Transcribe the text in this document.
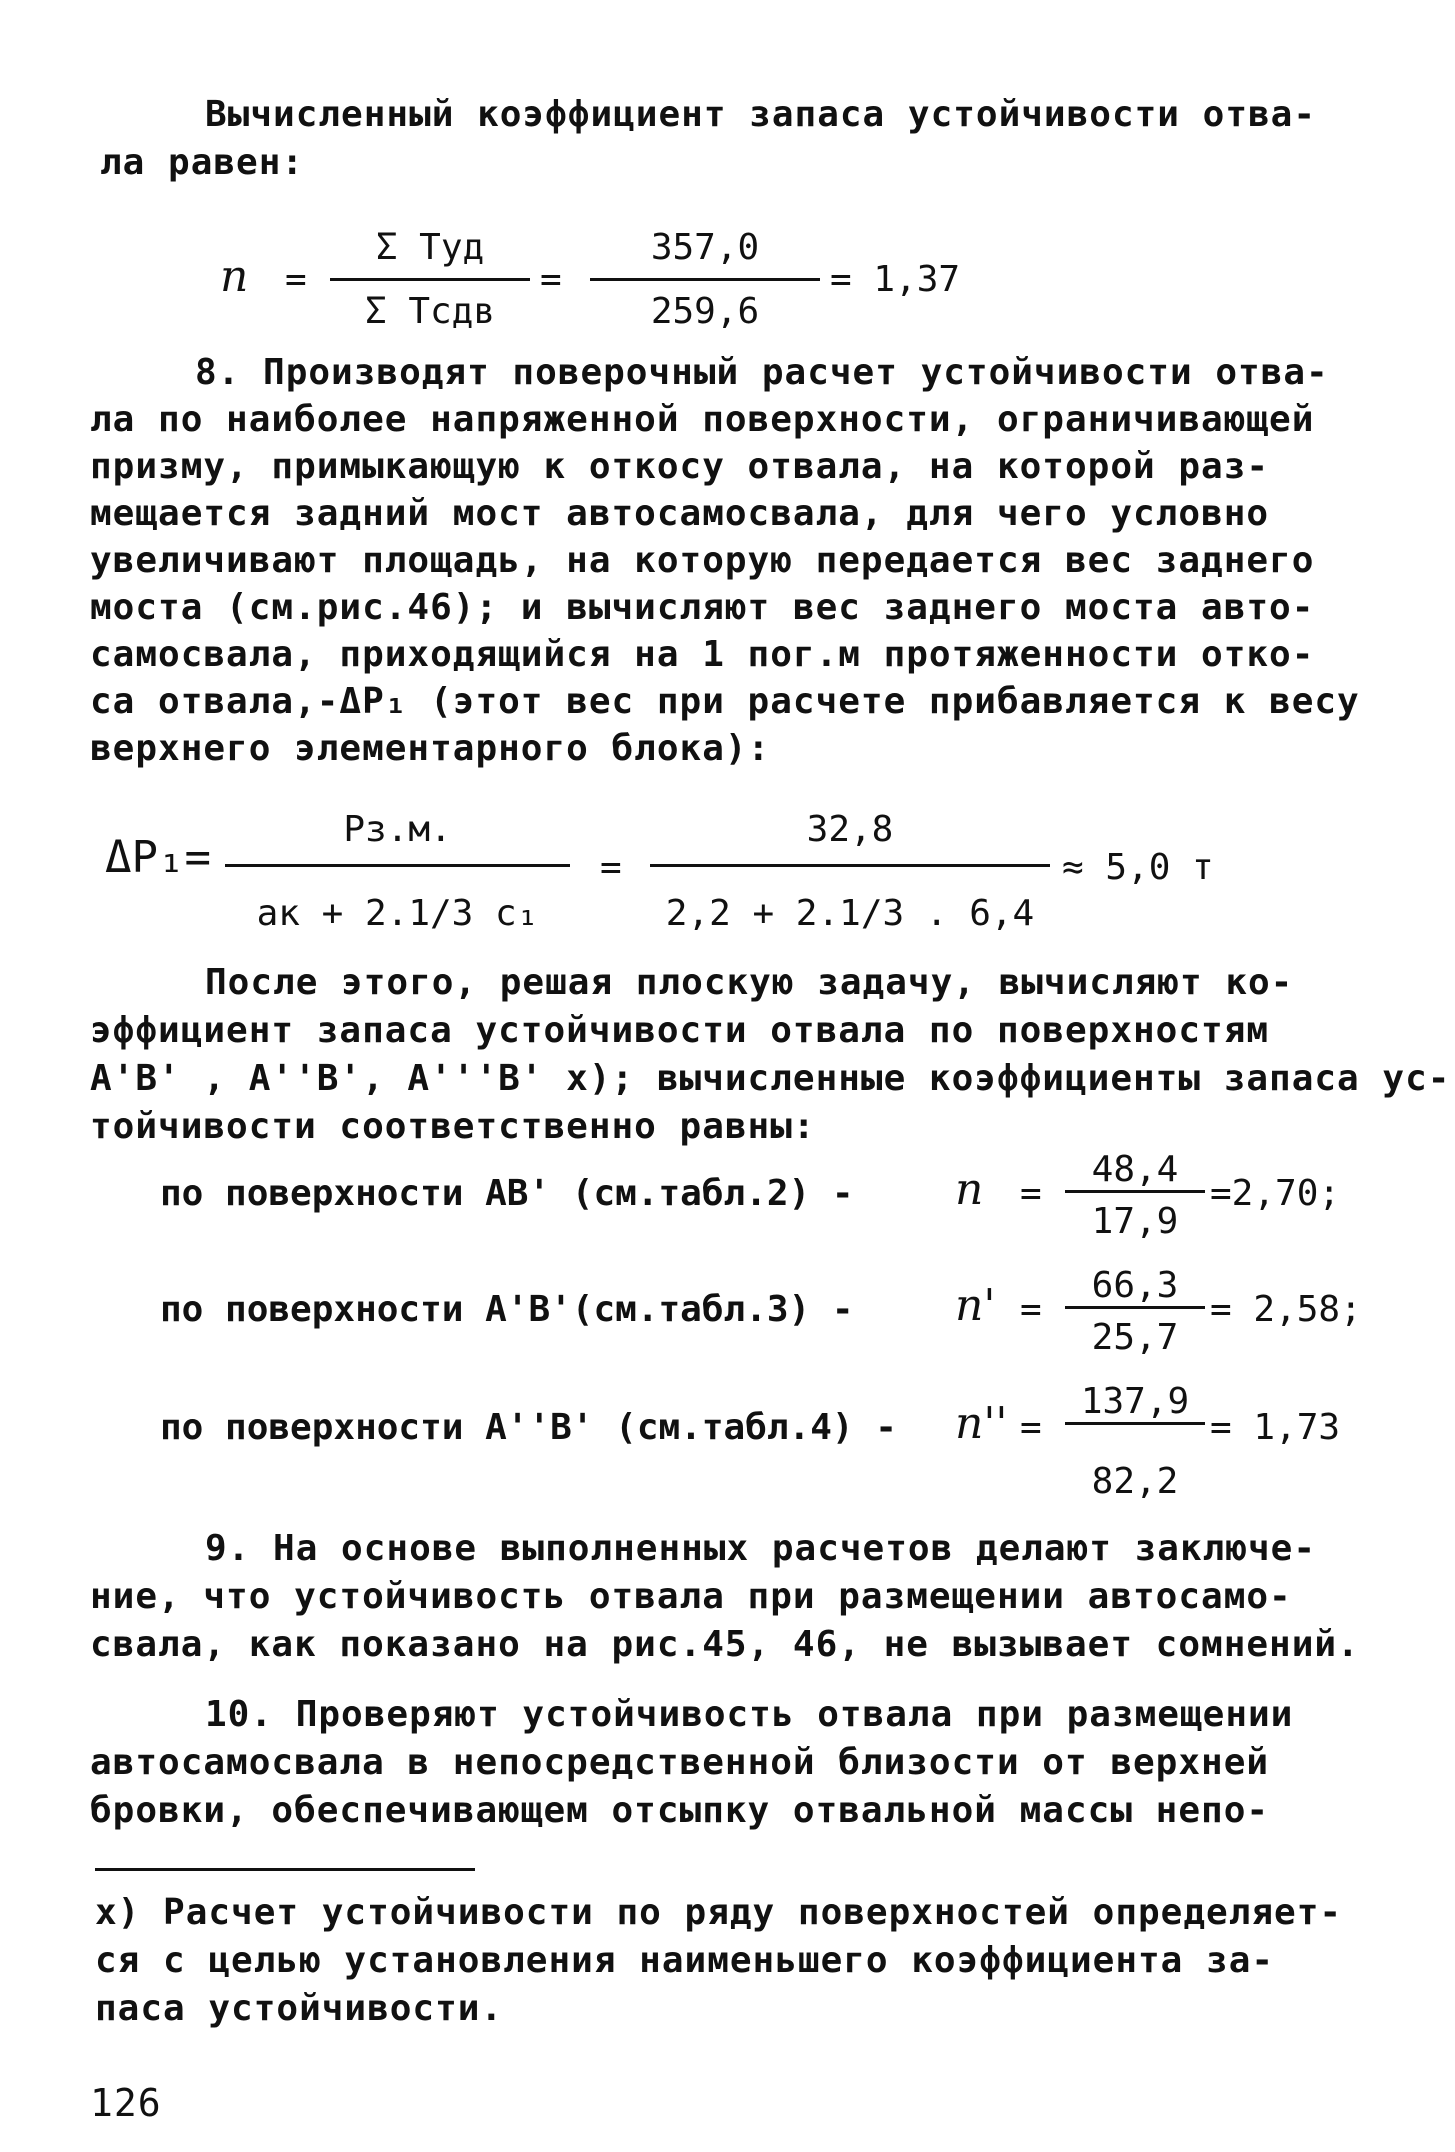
Вычисленный коэффициент запаса устойчивости отва-
ла равен:
n =
Σ Tуд
Σ Tсдв
=
357,0
259,6
= 1,37
8. Производят поверочный расчет устойчивости отва-
ла по наиболее напряженной поверхности, ограничивающей
призму, примыкающую к откосу отвала, на которой раз-
мещается задний мост автосамосвала, для чего условно
увеличивают площадь, на которую передается вес заднего
моста (см.рис.46); и вычисляют вес заднего моста авто-
самосвала, приходящийся на 1 пог.м протяженности отко-
са отвала,-ΔP₁ (этот вес при расчете прибавляется к весу
верхнего элементарного блока):
ΔP₁=
Pз.м.
aк + 2.1/3 c₁
=
32,8
2,2 + 2.1/3 . 6,4
≈ 5,0 т
После этого, решая плоскую задачу, вычисляют ко-
эффициент запаса устойчивости отвала по поверхностям
A'B' , A''B', A'''B' x); вычисленные коэффициенты запаса ус-
тойчивости соответственно равны:
по поверхности AB' (см.табл.2) - n =
48,4
17,9
=2,70;
по поверхности A'B'(см.табл.3) - n' =
66,3
25,7
= 2,58;
по поверхности A''B' (см.табл.4) - n'' =
137,9
82,2
= 1,73
9. На основе выполненных расчетов делают заключе-
ние, что устойчивость отвала при размещении автосамо-
свала, как показано на рис.45, 46, не вызывает сомнений.
10. Проверяют устойчивость отвала при размещении
автосамосвала в непосредственной близости от верхней
бровки, обеспечивающем отсыпку отвальной массы непо-
x) Расчет устойчивости по ряду поверхностей определяет-
ся с целью установления наименьшего коэффициента за-
паса устойчивости.
126
